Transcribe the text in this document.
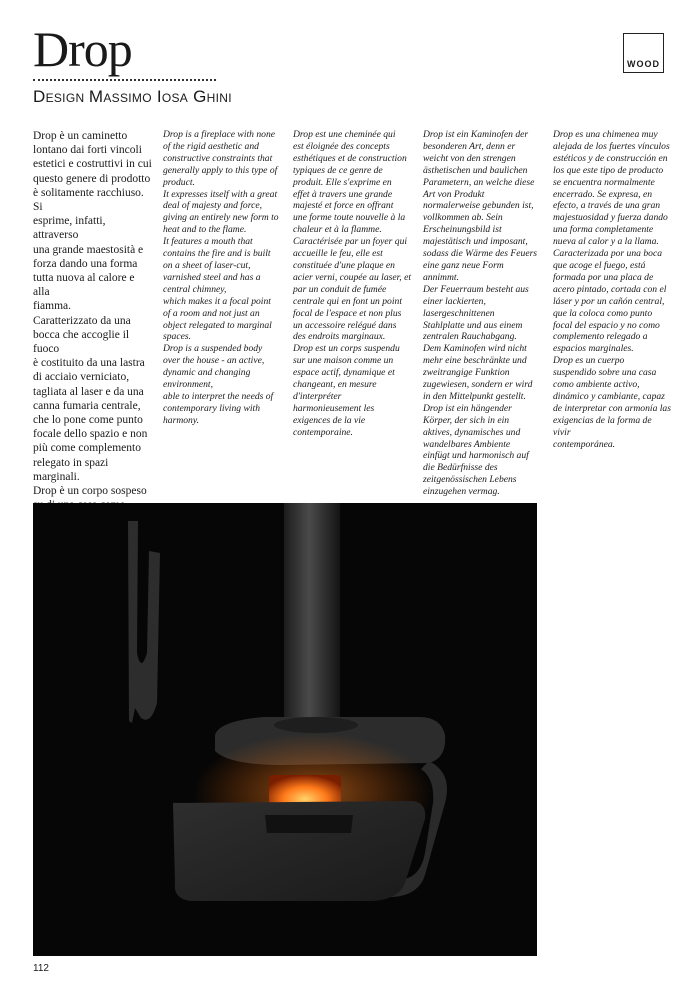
Drop
Design Massimo Iosa Ghini
WOOD

Drop è un caminetto
lontano dai forti vincoli
estetici e costruttivi in cui
questo genere di prodotto
è solitamente racchiuso. Si
esprime, infatti, attraverso
una grande maestosità e
forza dando una forma
tutta nuova al calore e alla
fiamma.
Caratterizzato da una
bocca che accoglie il fuoco
è costituito da una lastra
di acciaio verniciato,
tagliata al laser e da una
canna fumaria centrale,
che lo pone come punto
focale dello spazio e non
più come complemento
relegato in spazi
marginali.
Drop è un corpo sospeso

Drop is a fireplace with none
of the rigid aesthetic and
constructive constraints that
generally apply to this type of
product.
It expresses itself with a great
deal of majesty and force,
giving an entirely new form to
heat and to the flame.
It features a mouth that
contains the fire and is built
on a sheet of laser-cut,
varnished steel and has a
central chimney,
which makes it a focal point
of a room and not just an
object relegated to marginal
spaces.
Drop is a suspended body
over the house - an active,
dynamic and changing
environment,
able to interpret the needs of
contemporary living with
harmony.

Drop est une cheminée qui
est éloignée des concepts
esthétiques et de construction
typiques de ce genre de
produit. Elle s'exprime en
effet à travers une grande
majesté et force en offrant
une forme toute nouvelle à la
chaleur et à la flamme.
Caractérisée par un foyer qui
accueille le feu, elle est
constituée d'une plaque en
acier verni, coupée au laser, et
par un conduit de fumée
centrale qui en font un point
focal de l'espace et non plus
un accessoire relégué dans
des endroits marginaux.
Drop est un corps suspendu
sur une maison comme un
espace actif, dynamique et
changeant, en mesure
d'interpréter
harmonieusement les
exigences de la vie
contemporaine.

Drop ist ein Kaminofen der
besonderen Art, denn er
weicht von den strengen
ästhetischen und baulichen
Parametern, an welche diese
Art von Produkt
normalerweise gebunden ist,
vollkommen ab. Sein
Erscheinungsbild ist
majestätisch und imposant,
sodass die Wärme des Feuers
eine ganz neue Form
annimmt.
Der Feuerraum besteht aus
einer lackierten,
lasergeschnittenen
Stahlplatte und aus einem
zentralen Rauchabgang.
Dem Kaminofen wird nicht
mehr eine beschränkte und
zweitrangige Funktion
zugewiesen, sondern er wird
in den Mittelpunkt gestellt.
Drop ist ein hängender
Körper, der sich in ein
aktives, dynamisches und
wandelbares Ambiente
einfügt und harmonisch auf
die Bedürfnisse des
zeitgenössischen Lebens
einzugehen vermag.

Drop es una chimenea muy
alejada de los fuertes vínculos
estéticos y de construcción en
los que este tipo de producto
se encuentra normalmente
encerrado. Se expresa, en
efecto, a través de una gran
majestuosidad y fuerza dando
una forma completamente
nueva al calor y a la llama.
Caracterizada por una boca
que acoge el fuego, está
formada por una placa de
acero pintado, cortada con el
láser y por un cañón central,
que la coloca como punto
focal del espacio y no como
complemento relegado a
espacios marginales.
Drop es un cuerpo
suspendido sobre una casa
como ambiente activo,
dinámico y cambiante, capaz
de interpretar con armonía las
exigencias de la forma de vivir
contemporánea.

112
